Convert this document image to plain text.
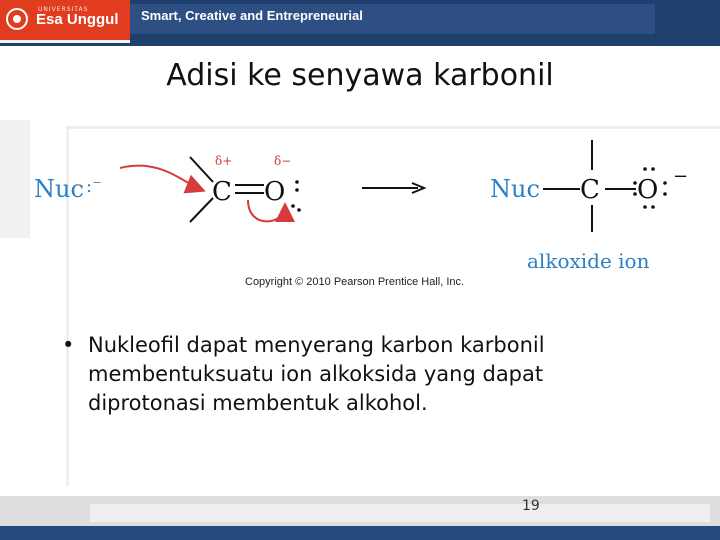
UNIVERSITAS
Esa Unggul Smart, Creative and Entrepreneurial
Adisi ke senyawa karbonil
Nuc :⁻	C
δ+
O
δ−
Nuc C O −
alkoxide ion
Copyright © 2010 Pearson Prentice Hall, Inc.
• Nukleofil dapat menyerang karbon karbonil
membentuksuatu ion alkoksida yang dapat
diprotonasi membentuk alkohol.
19
